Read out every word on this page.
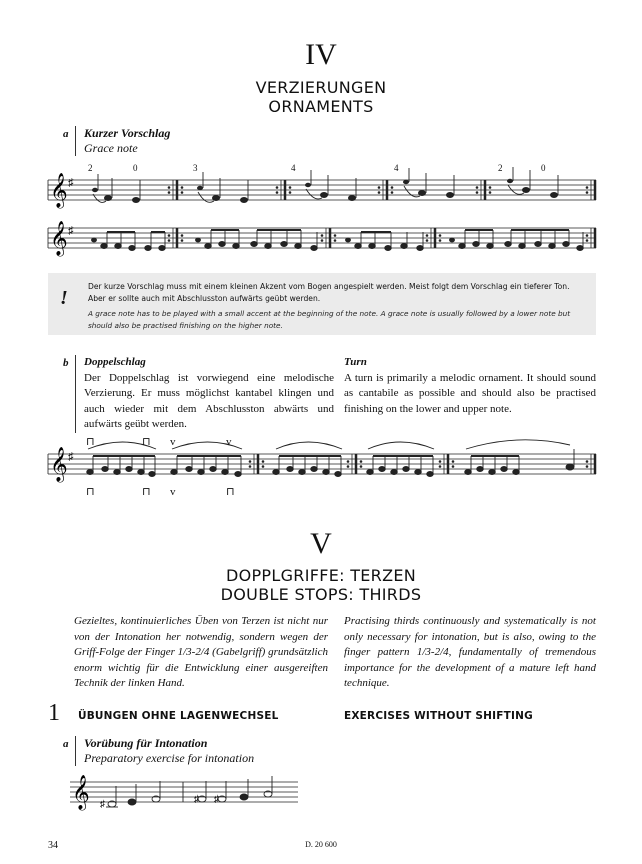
IV
VERZIERUNGEN
ORNAMENTS
a	Kurzer Vorschlag
Grace note
𝄞 ♯
2	0	3	4	4	2	0
𝄞 ♯
!
Der kurze Vorschlag muss mit einem kleinen Akzent vom Bogen angespielt werden. Meist folgt dem Vorschlag ein tieferer Ton. Aber er sollte auch mit Abschlusston aufwärts geübt werden.
A grace note has to be played with a small accent at the beginning of the note. A grace note is usually followed by a lower note but should also be practised finishing on the higher note.
b	Doppelschlag
Der Doppelschlag ist vorwiegend eine melodische Verzierung. Er muss möglichst kantabel klingen und auch wieder mit dem Abschlusston abwärts und aufwärts geübt werden.
Turn
A turn is primarily a melodic ornament. It should sound as cantabile as possible and should also be practised finishing on the lower and upper note.
𝄞 ♯
⊓	⊓ v	v
⊓	⊓ v	⊓
V
DOPPLGRIFFE: TERZEN
DOUBLE STOPS: THIRDS
Gezieltes, kontinuierliches Üben von Terzen ist nicht nur von der Intonation her notwendig, sondern wegen der Griff-Folge der Finger 1/3-2/4 (Gabelgriff) grundsätzlich enorm wichtig für die Entwicklung einer ausgereiften Technik der linken Hand.
Practising thirds continuously and systematically is not only necessary for intonation, but is also, owing to the finger pattern 1/3-2/4, fundamentally of tremendous importance for the development of a mature left hand technique.
1 ÜBUNGEN OHNE LAGENWECHSEL	EXERCISES WITHOUT SHIFTING
a	Vorübung für Intonation
Preparatory exercise for intonation
𝄞 ♯	♯ ♯
34	D. 20 600
